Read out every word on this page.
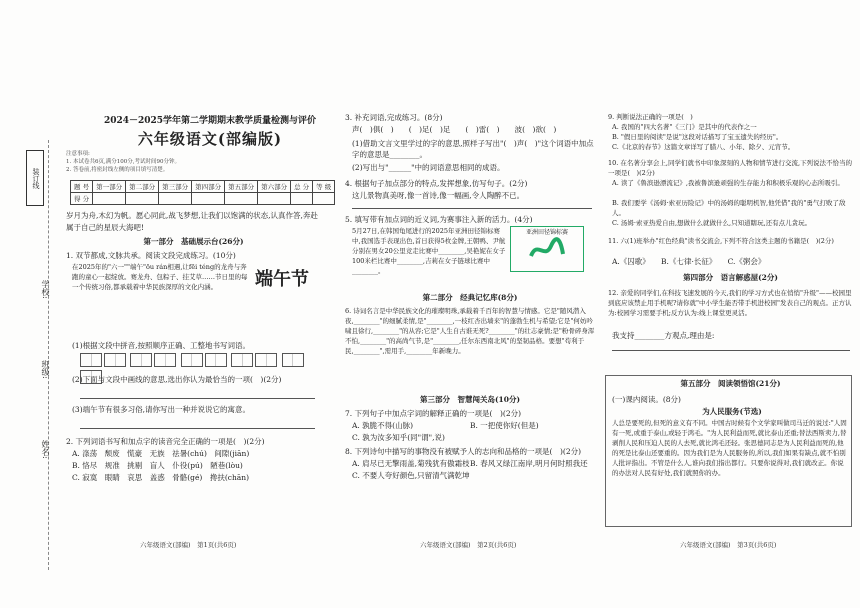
装订线
学校:
班级:
姓名:
2024－2025学年第二学期期末教学质量检测与评价
六年级语文(部编版)
注意事项:
1. 本试卷共6页,满分100分,考试时间90分钟。
2. 答卷前,将密封线左侧的项目填写清楚。
题 号	第一部分	第二部分	第三部分	第四部分	第五部分	第六部分	总 分	等 级
得 分								
岁月为舟,木幻为帆。愿心同此,战飞梦想,让我们以饱满的状态,认真作答,奔赴属于自己的星辰大海吧!
第一部分　基础展示台(26分)
1. 双节都成,文脉共承。阅读文段完成练习。(10分)
在2025年的"六一""端午"ōu rán相遇,让fēi téng的龙舟与奔跑的童心一起绽放。赛龙舟、包粽子、挂艾草……节日里的每一个传统习俗,都承载着中华民族深厚的文化内涵。	端午节
(1)根据文段中拼音,按照顺序正确、工整地书写词语。

(2)下面与文段中画线的意思,选出你认为最恰当的一项(　)(2分)
(3)端午节有很多习俗,请你写出一种并说说它的寓意。
2. 下列词语书写和加点字的读音完全正确的一项是(　)(2分)
A. 涤荡　颓废　慌豪　无族　祛暑(chú)　间隙(jiān)
B. 恪尽　规准　挑剔　盲人　仆役(pú)　陋巷(lòu)
C. 寂寞　眼睛　哀思　盖惑　骨骼(gé)　搀扶(chān)
六年级语文(部编)　第1页(共6页)
3. 补充词语,完成练习。(8分)
声(　)俱(　)　　(　)足(　)足　　(　)雷(　)　　波(　)欲(　)
(1)借助文言文里学过的字的意思,照样子写出"(　)声(　)"这个词语中加点字的意思是________。
(2)写出与"______"中的词语意思相同的成语。
4. 根据句子加点部分的特点,发挥想象,仿写句子。(2分)
这儿景物真美呀,像一首诗,像一幅画,令人陶醉不已。
5. 填写带有加点词的近义词,为赛事注入新的活力。(4分)
5月27日,在韩国龟尾进行的2025年亚洲田径锦标赛中,我国选手表现出色,首日获得5枚金牌,王朝鸭、尹航分别在男女20公里竞走比赛中________,吴艳妮在女子100米栏比赛中________,吉莉在女子链球比赛中________。
亚洲田径锦标赛
第二部分　经典记忆库(8分)
6. 诗词名言是中华民族文化的璀璨明珠,承载着千百年的智慧与情感。它是"随风潜入夜,________"的细腻柔情,是"________,一枝红杏出墙来"的蓬勃生机与希望;它是"何妨吟啸且徐行,________"的从容;它是"人生自古谁无死?________"的壮志豪情;是"粉骨碎身浑不怕,________"的高尚气节,是"________,任尔东西南北风"的坚韧品格。要想"苟利于民,________",需用手,________年新晚力。
第三部分　智慧闯关岛(10分)
7. 下列句子中加点字词的解释正确的一项是(　)(2分)
A. 孰脆不得(山脉)	B. 一把使你好(但是)
C. 孰为汝多知乎(同"谓",说)
8. 下列诗句中描写的事物没有被赋予人的志向和品格的一项是(　)(2分)
A. 肩尽已无擎雨盖,菊残犹有傲霜枝 B. 春风又绿江南岸,明月何时照我还
C. 不要人夸好颜色,只留清气满乾坤
六年级语文(部编)　第2页(共6页)
9. 判断说法正确的一项是(　)
A. 我国的"四大名著"《三门》是其中的代表作之一
B. "假日里的阅读"是说"这段对话描写了宝玉遗失的经历"。
C.《北京的春节》这篇文章详写了腊八、小年、除夕、元宵节。
10. 在名著分享会上,同学们就书中印象深刻的人物和情节进行交流,下列说法不恰当的一项是(　)(2分)
A. 读了《鲁滨逊漂流记》,我被鲁滨逊顽强的生存能力和积极乐观的心态所吸引。
B. 我们要学《汤姆·索亚历险记》中的汤姆的聪明机智,他凭借"我的"勇气打败了敌人。
C. 汤姆·索亚热爱自由,想做什么就做什么,只知道瞎玩,还有点儿贪玩。
11. 六(1)班举办"红色经典"读书交流会,下列不符合这类主题的书籍是(　)(2分)
A.《囚歌》　　B.《七律·长征》　　C.《粥会》
第四部分　语言解惑屋(2分)
12. 亲爱的同学们,在科技飞速发展的今天,我们的学习方式也在悄悄"升级"——校园里到底应该禁止用手机呢?请你就"中小学生能否带手机进校园"发表自己的观点。正方认为:校园学习需要手机;反方认为:线上课堂更灵活。
我支持________方观点,理由是:
第五部分　阅读领悟馆(21分)
(一)课内阅读。(8分)
为人民服务(节选)
人总是要死的,但死的意义有不同。中国古时候有个文学家叫做司马迁的说过:"人固有一死,或重于泰山,或轻于鸿毛。"为人民利益而死,就比泰山还重;替法西斯卖力,替剥削人民和压迫人民的人去死,就比鸿毛还轻。张思德同志是为人民利益而死的,他的死是比泰山还要重的。因为我们是为人民服务的,所以,我们如果有缺点,就不怕别人批评指出。不管是什么人,谁向我们指出都行。只要你说得对,我们就改正。你说的办法对人民有好处,我们就照你的办。
六年级语文(部编)　第3页(共6页)
